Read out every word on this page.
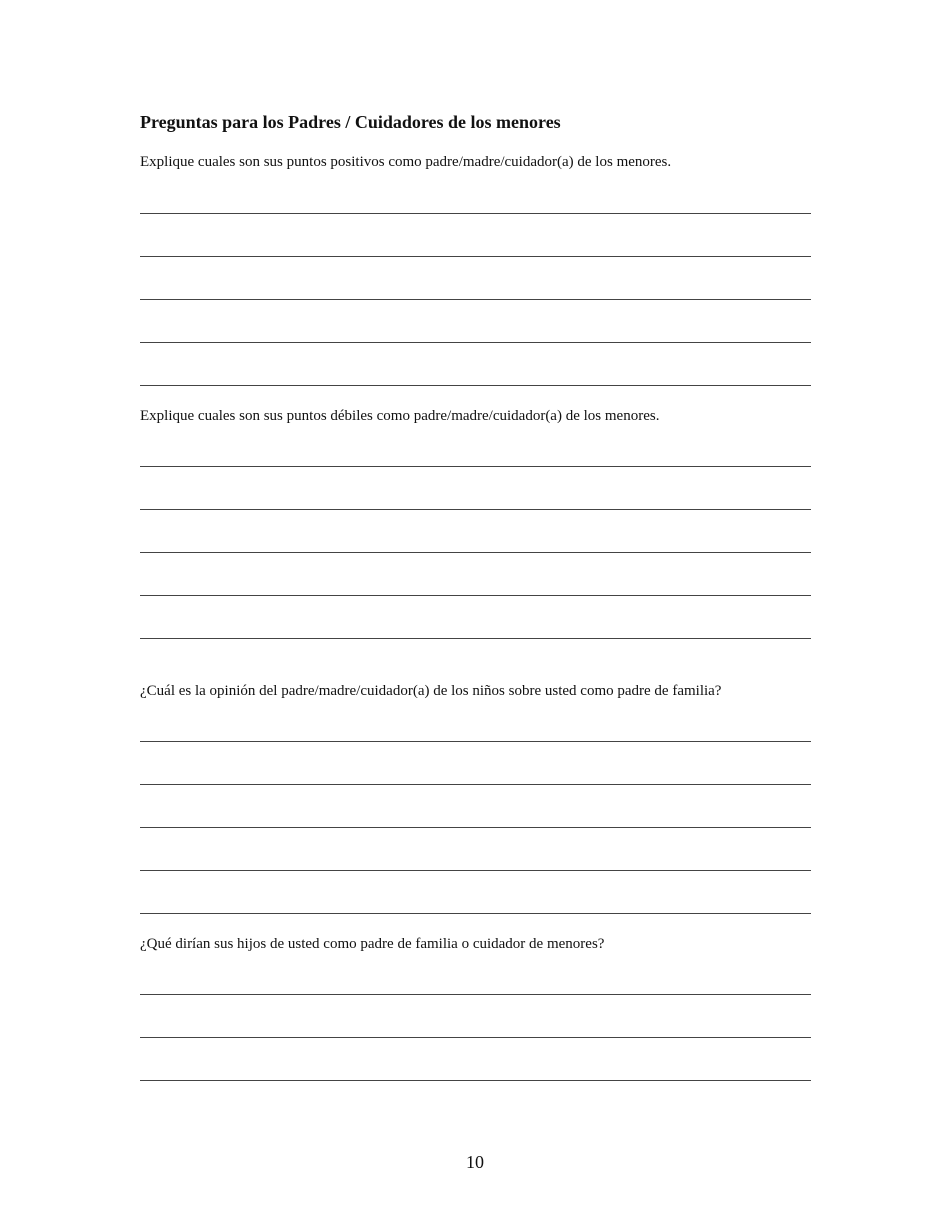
Preguntas para los Padres / Cuidadores de los menores

Explique cuales son sus puntos positivos como padre/madre/cuidador(a) de los menores.

Explique cuales son sus puntos débiles como padre/madre/cuidador(a) de los menores.

¿Cuál es la opinión del padre/madre/cuidador(a) de los niños sobre usted como padre de familia?

¿Qué dirían sus hijos de usted como padre de familia o cuidador de menores?

10
